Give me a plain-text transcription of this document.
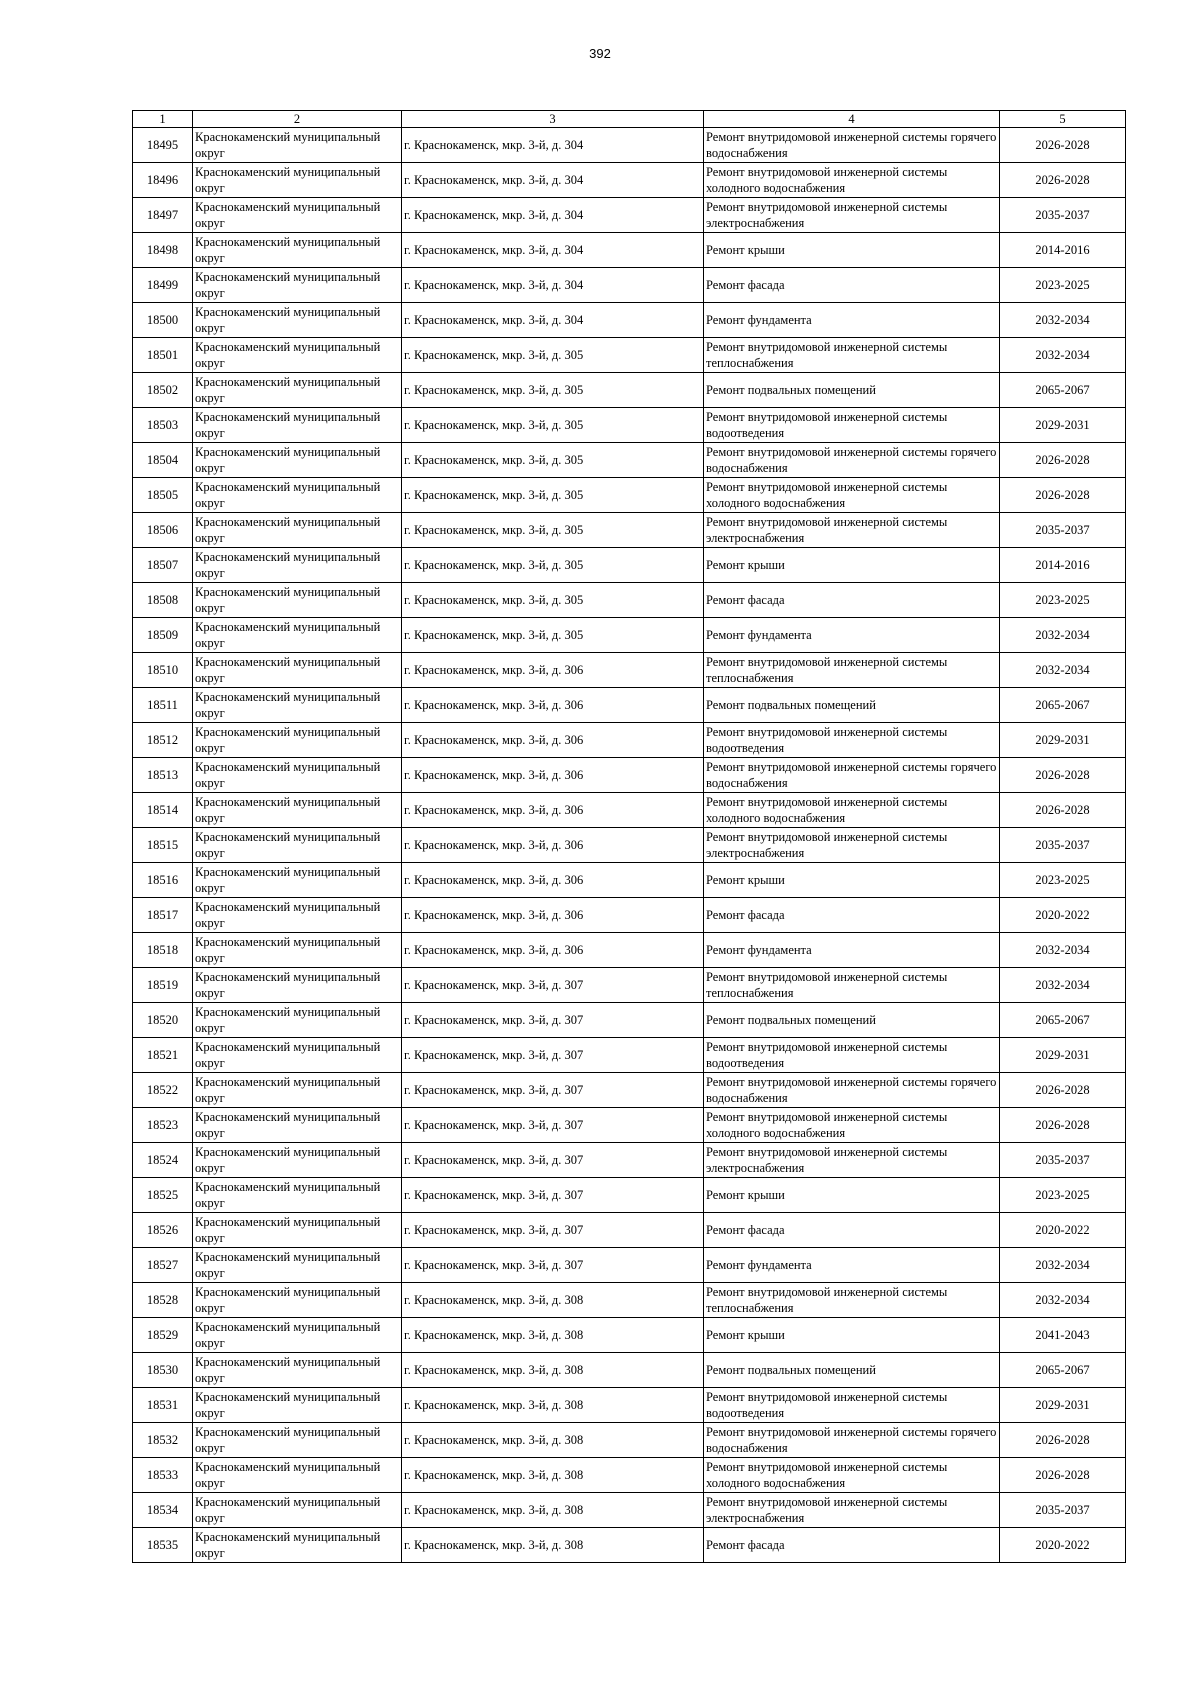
392
1	2	3	4	5
18495	Краснокаменский муниципальный округ	г. Краснокаменск, мкр. 3-й, д. 304	Ремонт внутридомовой инженерной системы горячего водоснабжения	2026-2028
18496	Краснокаменский муниципальный округ	г. Краснокаменск, мкр. 3-й, д. 304	Ремонт внутридомовой инженерной системы холодного водоснабжения	2026-2028
18497	Краснокаменский муниципальный округ	г. Краснокаменск, мкр. 3-й, д. 304	Ремонт внутридомовой инженерной системы электроснабжения	2035-2037
18498	Краснокаменский муниципальный округ	г. Краснокаменск, мкр. 3-й, д. 304	Ремонт крыши	2014-2016
18499	Краснокаменский муниципальный округ	г. Краснокаменск, мкр. 3-й, д. 304	Ремонт фасада	2023-2025
18500	Краснокаменский муниципальный округ	г. Краснокаменск, мкр. 3-й, д. 304	Ремонт фундамента	2032-2034
18501	Краснокаменский муниципальный округ	г. Краснокаменск, мкр. 3-й, д. 305	Ремонт внутридомовой инженерной системы теплоснабжения	2032-2034
18502	Краснокаменский муниципальный округ	г. Краснокаменск, мкр. 3-й, д. 305	Ремонт подвальных помещений	2065-2067
18503	Краснокаменский муниципальный округ	г. Краснокаменск, мкр. 3-й, д. 305	Ремонт внутридомовой инженерной системы водоотведения	2029-2031
18504	Краснокаменский муниципальный округ	г. Краснокаменск, мкр. 3-й, д. 305	Ремонт внутридомовой инженерной системы горячего водоснабжения	2026-2028
18505	Краснокаменский муниципальный округ	г. Краснокаменск, мкр. 3-й, д. 305	Ремонт внутридомовой инженерной системы холодного водоснабжения	2026-2028
18506	Краснокаменский муниципальный округ	г. Краснокаменск, мкр. 3-й, д. 305	Ремонт внутридомовой инженерной системы электроснабжения	2035-2037
18507	Краснокаменский муниципальный округ	г. Краснокаменск, мкр. 3-й, д. 305	Ремонт крыши	2014-2016
18508	Краснокаменский муниципальный округ	г. Краснокаменск, мкр. 3-й, д. 305	Ремонт фасада	2023-2025
18509	Краснокаменский муниципальный округ	г. Краснокаменск, мкр. 3-й, д. 305	Ремонт фундамента	2032-2034
18510	Краснокаменский муниципальный округ	г. Краснокаменск, мкр. 3-й, д. 306	Ремонт внутридомовой инженерной системы теплоснабжения	2032-2034
18511	Краснокаменский муниципальный округ	г. Краснокаменск, мкр. 3-й, д. 306	Ремонт подвальных помещений	2065-2067
18512	Краснокаменский муниципальный округ	г. Краснокаменск, мкр. 3-й, д. 306	Ремонт внутридомовой инженерной системы водоотведения	2029-2031
18513	Краснокаменский муниципальный округ	г. Краснокаменск, мкр. 3-й, д. 306	Ремонт внутридомовой инженерной системы горячего водоснабжения	2026-2028
18514	Краснокаменский муниципальный округ	г. Краснокаменск, мкр. 3-й, д. 306	Ремонт внутридомовой инженерной системы холодного водоснабжения	2026-2028
18515	Краснокаменский муниципальный округ	г. Краснокаменск, мкр. 3-й, д. 306	Ремонт внутридомовой инженерной системы электроснабжения	2035-2037
18516	Краснокаменский муниципальный округ	г. Краснокаменск, мкр. 3-й, д. 306	Ремонт крыши	2023-2025
18517	Краснокаменский муниципальный округ	г. Краснокаменск, мкр. 3-й, д. 306	Ремонт фасада	2020-2022
18518	Краснокаменский муниципальный округ	г. Краснокаменск, мкр. 3-й, д. 306	Ремонт фундамента	2032-2034
18519	Краснокаменский муниципальный округ	г. Краснокаменск, мкр. 3-й, д. 307	Ремонт внутридомовой инженерной системы теплоснабжения	2032-2034
18520	Краснокаменский муниципальный округ	г. Краснокаменск, мкр. 3-й, д. 307	Ремонт подвальных помещений	2065-2067
18521	Краснокаменский муниципальный округ	г. Краснокаменск, мкр. 3-й, д. 307	Ремонт внутридомовой инженерной системы водоотведения	2029-2031
18522	Краснокаменский муниципальный округ	г. Краснокаменск, мкр. 3-й, д. 307	Ремонт внутридомовой инженерной системы горячего водоснабжения	2026-2028
18523	Краснокаменский муниципальный округ	г. Краснокаменск, мкр. 3-й, д. 307	Ремонт внутридомовой инженерной системы холодного водоснабжения	2026-2028
18524	Краснокаменский муниципальный округ	г. Краснокаменск, мкр. 3-й, д. 307	Ремонт внутридомовой инженерной системы электроснабжения	2035-2037
18525	Краснокаменский муниципальный округ	г. Краснокаменск, мкр. 3-й, д. 307	Ремонт крыши	2023-2025
18526	Краснокаменский муниципальный округ	г. Краснокаменск, мкр. 3-й, д. 307	Ремонт фасада	2020-2022
18527	Краснокаменский муниципальный округ	г. Краснокаменск, мкр. 3-й, д. 307	Ремонт фундамента	2032-2034
18528	Краснокаменский муниципальный округ	г. Краснокаменск, мкр. 3-й, д. 308	Ремонт внутридомовой инженерной системы теплоснабжения	2032-2034
18529	Краснокаменский муниципальный округ	г. Краснокаменск, мкр. 3-й, д. 308	Ремонт крыши	2041-2043
18530	Краснокаменский муниципальный округ	г. Краснокаменск, мкр. 3-й, д. 308	Ремонт подвальных помещений	2065-2067
18531	Краснокаменский муниципальный округ	г. Краснокаменск, мкр. 3-й, д. 308	Ремонт внутридомовой инженерной системы водоотведения	2029-2031
18532	Краснокаменский муниципальный округ	г. Краснокаменск, мкр. 3-й, д. 308	Ремонт внутридомовой инженерной системы горячего водоснабжения	2026-2028
18533	Краснокаменский муниципальный округ	г. Краснокаменск, мкр. 3-й, д. 308	Ремонт внутридомовой инженерной системы холодного водоснабжения	2026-2028
18534	Краснокаменский муниципальный округ	г. Краснокаменск, мкр. 3-й, д. 308	Ремонт внутридомовой инженерной системы электроснабжения	2035-2037
18535	Краснокаменский муниципальный округ	г. Краснокаменск, мкр. 3-й, д. 308	Ремонт фасада	2020-2022
